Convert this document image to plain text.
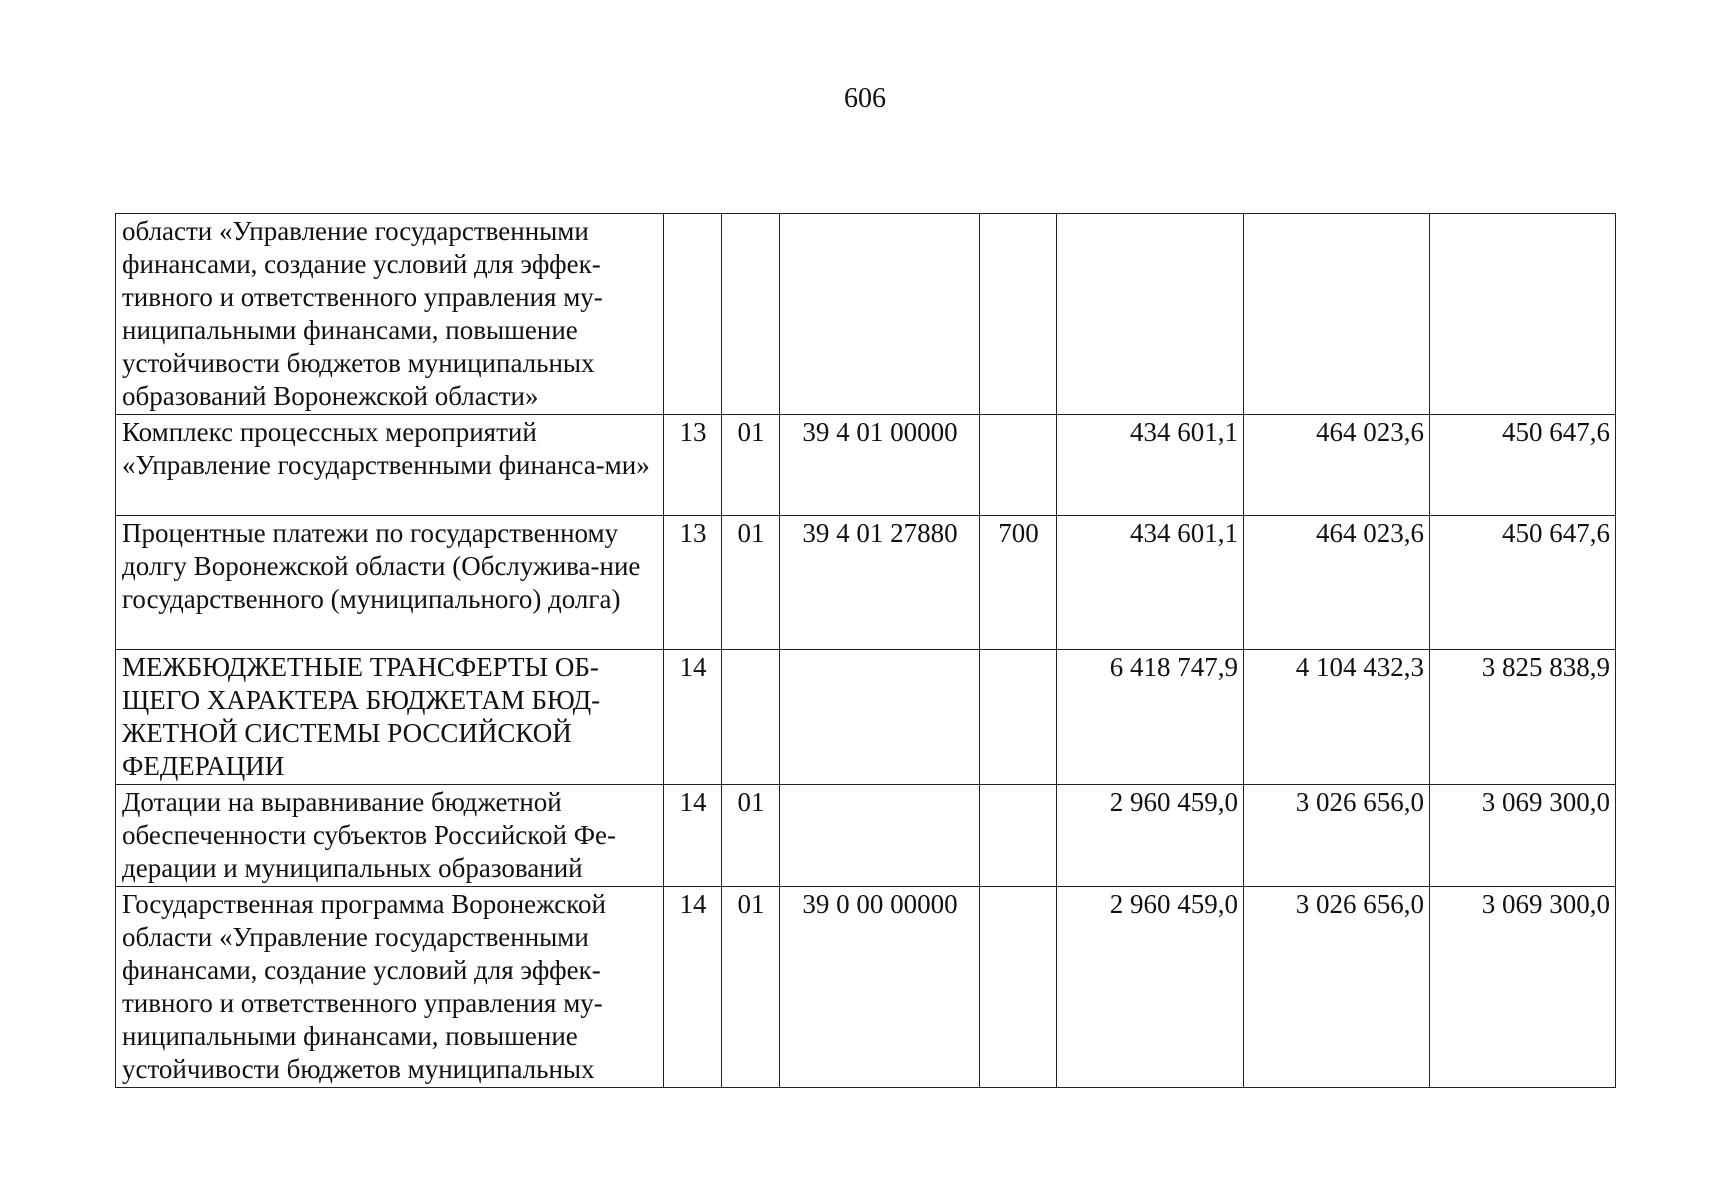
606
области «Управление государственными финансами, создание условий для эффек-тивного и ответственного управления му-ниципальными финансами, повышение устойчивости бюджетов муниципальных образований Воронежской области»							
Комплекс процессных мероприятий «Управление государственными финанса-ми»	13	01	39 4 01 00000		434 601,1	464 023,6	450 647,6
Процентные платежи по государственному долгу Воронежской области (Обслужива-ние государственного (муниципального) долга)	13	01	39 4 01 27880	700	434 601,1	464 023,6	450 647,6
МЕЖБЮДЖЕТНЫЕ ТРАНСФЕРТЫ ОБ-ЩЕГО ХАРАКТЕРА БЮДЖЕТАМ БЮД-ЖЕТНОЙ СИСТЕМЫ РОССИЙСКОЙ ФЕДЕРАЦИИ	14				6 418 747,9	4 104 432,3	3 825 838,9
Дотации на выравнивание бюджетной обеспеченности субъектов Российской Фе-дерации и муниципальных образований	14	01			2 960 459,0	3 026 656,0	3 069 300,0
Государственная программа Воронежской области «Управление государственными финансами, создание условий для эффек-тивного и ответственного управления му-ниципальными финансами, повышение устойчивости бюджетов муниципальных	14	01	39 0 00 00000		2 960 459,0	3 026 656,0	3 069 300,0
